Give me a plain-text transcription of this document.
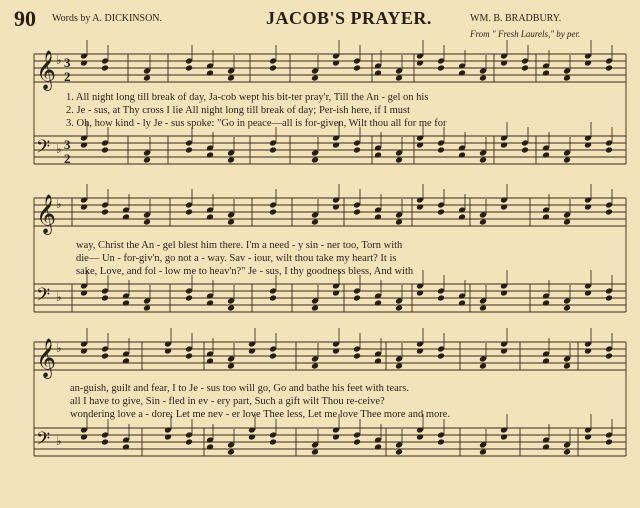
90 Words by A. DICKINSON.	JACOB'S PRAYER.	WM. B. BRADBURY.
From " Fresh Laurels," by per.
𝄞 ♭ 3
2
𝄢 ♭ 3
2
𝄞 ♭
𝄢 ♭
𝄞 ♭
𝄢 ♭
1. All night long till break of day, Ja-cob wept his bit-ter pray'r, Till the An - gel on his
2. Je - sus, at Thy cross I lie All night long till break of day; Per-ish here, if I must
3. Oh, how kind - ly Je - sus spoke: "Go in peace—all is for-given, Wilt thou all for me for
way, Christ the An - gel blest him there. I'm a need - y sin - ner too, Torn with
die— Un - for-giv'n, go not a - way. Sav - iour, wilt thou take my heart? It is
sake, Love, and fol - low me to heav'n?" Je - sus, I thy goodness bless, And with
an-guish, guilt and fear, I to Je - sus too will go, Go and bathe his feet with tears.
all I have to give, Sin - fled in ev - ery part, Such a gift wilt Thou re-ceive?
wondering love a - dore; Let me nev - er love Thee less, Let me love Thee more and more.
